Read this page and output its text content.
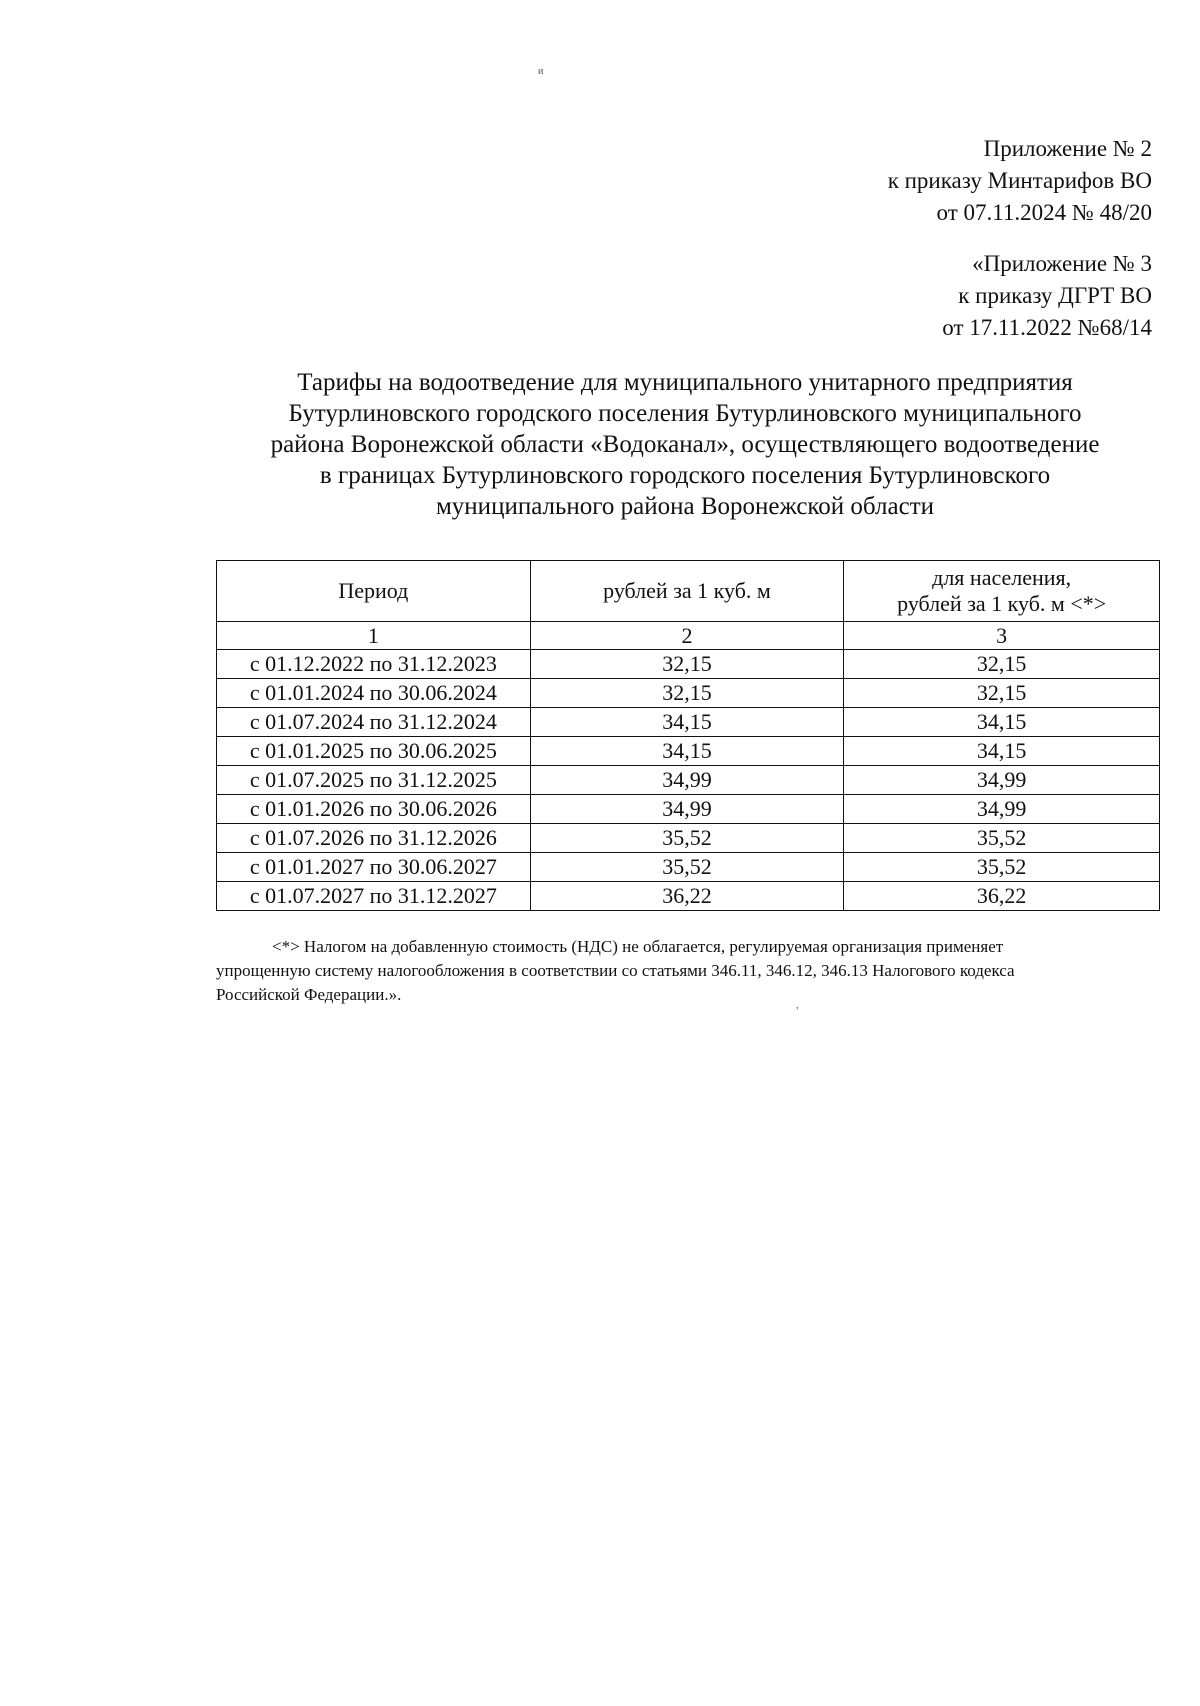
и
Приложение № 2
к приказу Минтарифов ВО
от 07.11.2024 № 48/20
«Приложение № 3
к приказу ДГРТ ВО
от 17.11.2022 №68/14
Тарифы на водоотведение для муниципального унитарного предприятия
Бутурлиновского городского поселения Бутурлиновского муниципального
района Воронежской области «Водоканал», осуществляющего водоотведение
в границах Бутурлиновского городского поселения Бутурлиновского
муниципального района Воронежской области
Период	рублей за 1 куб. м	для населения,
рублей за 1 куб. м <*>

1	2	3
с 01.12.2022 по 31.12.2023	32,15	32,15
с 01.01.2024 по 30.06.2024	32,15	32,15
с 01.07.2024 по 31.12.2024	34,15	34,15
с 01.01.2025 по 30.06.2025	34,15	34,15
с 01.07.2025 по 31.12.2025	34,99	34,99
с 01.01.2026 по 30.06.2026	34,99	34,99
с 01.07.2026 по 31.12.2026	35,52	35,52
с 01.01.2027 по 30.06.2027	35,52	35,52
с 01.07.2027 по 31.12.2027	36,22	36,22
<*> Налогом на добавленную стоимость (НДС) не облагается, регулируемая организация применяет
упрощенную систему налогообложения в соответствии со статьями 346.11, 346.12, 346.13 Налогового кодекса
Российской Федерации.».
,
